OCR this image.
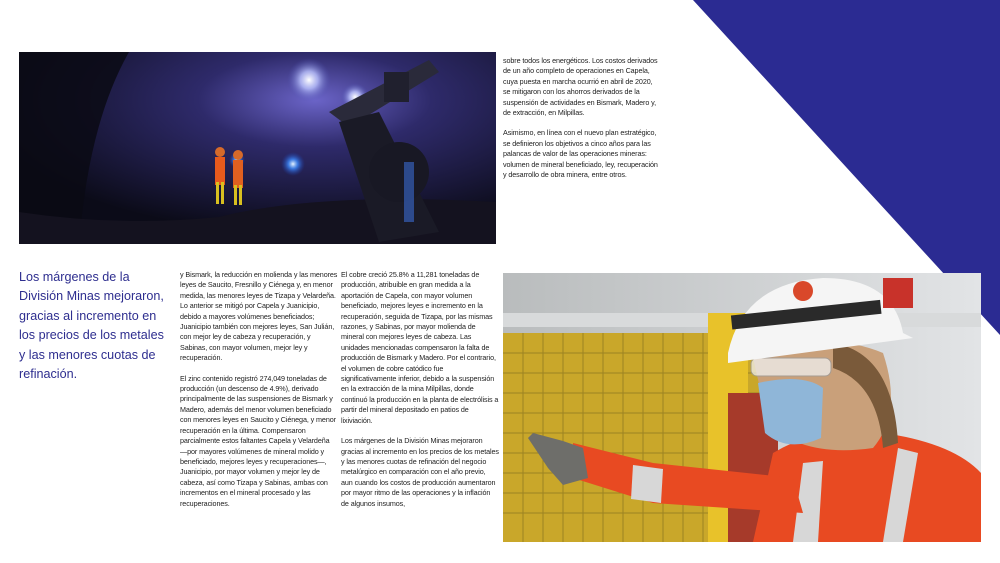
Los márgenes de la División Minas mejoraron, gracias al incremento en los precios de los metales y las menores cuotas de refinación.

sobre todos los energéticos. Los costos derivados de un año completo de operaciones en Capela, cuya puesta en marcha ocurrió en abril de 2020, se mitigaron con los ahorros derivados de la suspensión de actividades en Bismark, Madero y, de extracción, en Milpillas.

Asimismo, en línea con el nuevo plan estratégico, se definieron los objetivos a cinco años para las palancas de valor de las operaciones mineras: volumen de mineral beneficiado, ley, recuperación y desarrollo de obra minera, entre otros.

y Bismark, la reducción en molienda y las menores leyes de Saucito, Fresnillo y Ciénega y, en menor medida, las menores leyes de Tizapa y Velardeña. Lo anterior se mitigó por Capela y Juanicipio, debido a mayores volúmenes beneficiados; Juanicipio también con mejores leyes, San Julián, con mejor ley de cabeza y recuperación, y Sabinas, con mayor volumen, mejor ley y recuperación.

El zinc contenido registró 274,049 toneladas de producción (un descenso de 4.9%), derivado principalmente de las suspensiones de Bismark y Madero, además del menor volumen beneficiado con menores leyes en Saucito y Ciénega, y menor recuperación en la última. Compensaron parcialmente estos faltantes Capela y Velardeña —por mayores volúmenes de mineral molido y beneficiado, mejores leyes y recuperaciones—, Juanicipio, por mayor volumen y mejor ley de cabeza, así como Tizapa y Sabinas, ambas con incrementos en el mineral procesado y las recuperaciones.

El cobre creció 25.8% a 11,281 toneladas de producción, atribuible en gran medida a la aportación de Capela, con mayor volumen beneficiado, mejores leyes e incremento en la recuperación, seguida de Tizapa, por las mismas razones, y Sabinas, por mayor molienda de mineral con mejores leyes de cabeza. Las unidades mencionadas compensaron la falta de producción de Bismark y Madero. Por el contrario, el volumen de cobre catódico fue significativamente inferior, debido a la suspensión en la extracción de la mina Milpillas, donde continuó la producción en la planta de electrólisis a partir del mineral depositado en patios de lixiviación.

Los márgenes de la División Minas mejoraron gracias al incremento en los precios de los metales y las menores cuotas de refinación del negocio metalúrgico en comparación con el año previo, aun cuando los costos de producción aumentaron por mayor ritmo de las operaciones y la inflación de algunos insumos,
